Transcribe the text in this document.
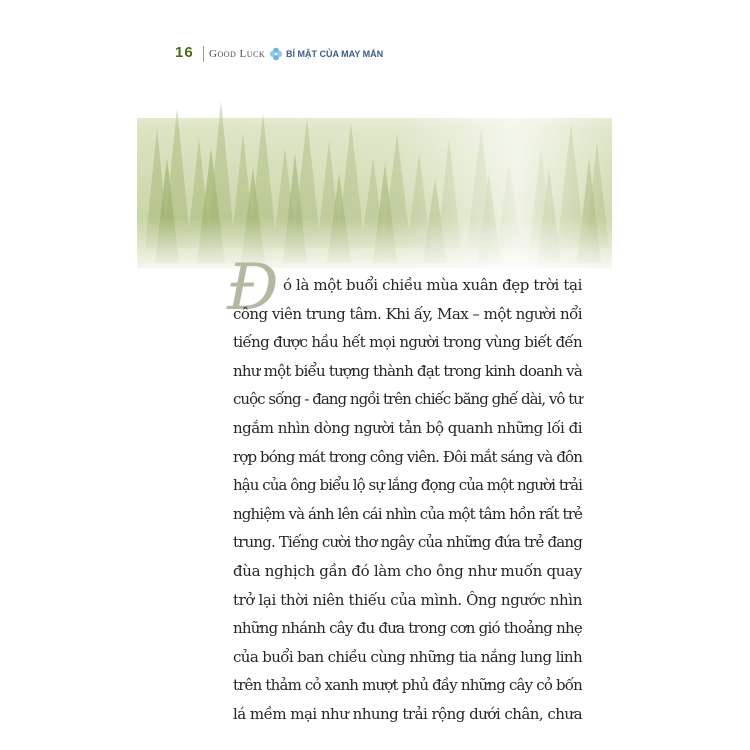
16 Good Luck BÍ MẬT CỦA MAY MẮN
Đ ó là một buổi chiều mùa xuân đẹp trời tại
công viên trung tâm. Khi ấy, Max – một người nổi
tiếng được hầu hết mọi người trong vùng biết đến
như một biểu tượng thành đạt trong kinh doanh và
cuộc sống - đang ngồi trên chiếc băng ghế dài, vô tư
ngắm nhìn dòng người tản bộ quanh những lối đi
rợp bóng mát trong công viên. Đôi mắt sáng và đôn
hậu của ông biểu lộ sự lắng đọng của một người trải
nghiệm và ánh lên cái nhìn của một tâm hồn rất trẻ
trung. Tiếng cười thơ ngây của những đứa trẻ đang
đùa nghịch gần đó làm cho ông như muốn quay
trở lại thời niên thiếu của mình. Ông ngước nhìn
những nhánh cây đu đưa trong cơn gió thoảng nhẹ
của buổi ban chiều cùng những tia nắng lung linh
trên thảm cỏ xanh mượt phủ đầy những cây cỏ bốn
lá mềm mại như nhung trải rộng dưới chân, chưa
